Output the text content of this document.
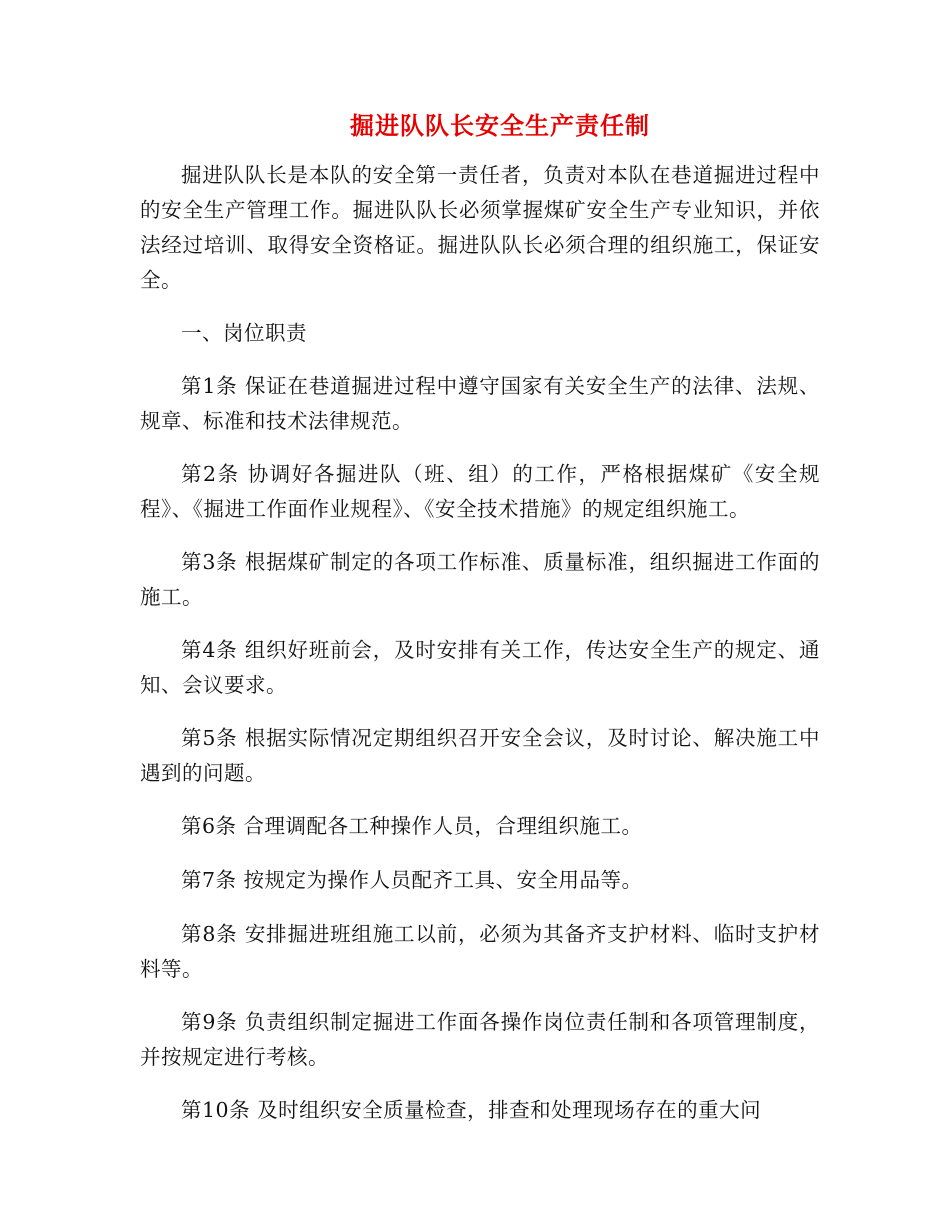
掘进队队长安全生产责任制

掘进队队长是本队的安全第一责任者，负责对本队在巷道掘进过程中的安全生产管理工作。掘进队队长必须掌握煤矿安全生产专业知识，并依法经过培训、取得安全资格证。掘进队队长必须合理的组织施工，保证安全。

一、岗位职责

第1条 保证在巷道掘进过程中遵守国家有关安全生产的法律、法规、规章、标准和技术法律规范。

第2条 协调好各掘进队（班、组）的工作，严格根据煤矿《安全规程》、《掘进工作面作业规程》、《安全技术措施》的规定组织施工。

第3条 根据煤矿制定的各项工作标准、质量标准，组织掘进工作面的施工。

第4条 组织好班前会，及时安排有关工作，传达安全生产的规定、通知、会议要求。

第5条 根据实际情况定期组织召开安全会议，及时讨论、解决施工中遇到的问题。

第6条 合理调配各工种操作人员，合理组织施工。

第7条 按规定为操作人员配齐工具、安全用品等。

第8条 安排掘进班组施工以前，必须为其备齐支护材料、临时支护材料等。

第9条 负责组织制定掘进工作面各操作岗位责任制和各项管理制度，并按规定进行考核。

第10条 及时组织安全质量检查，排查和处理现场存在的重大问
